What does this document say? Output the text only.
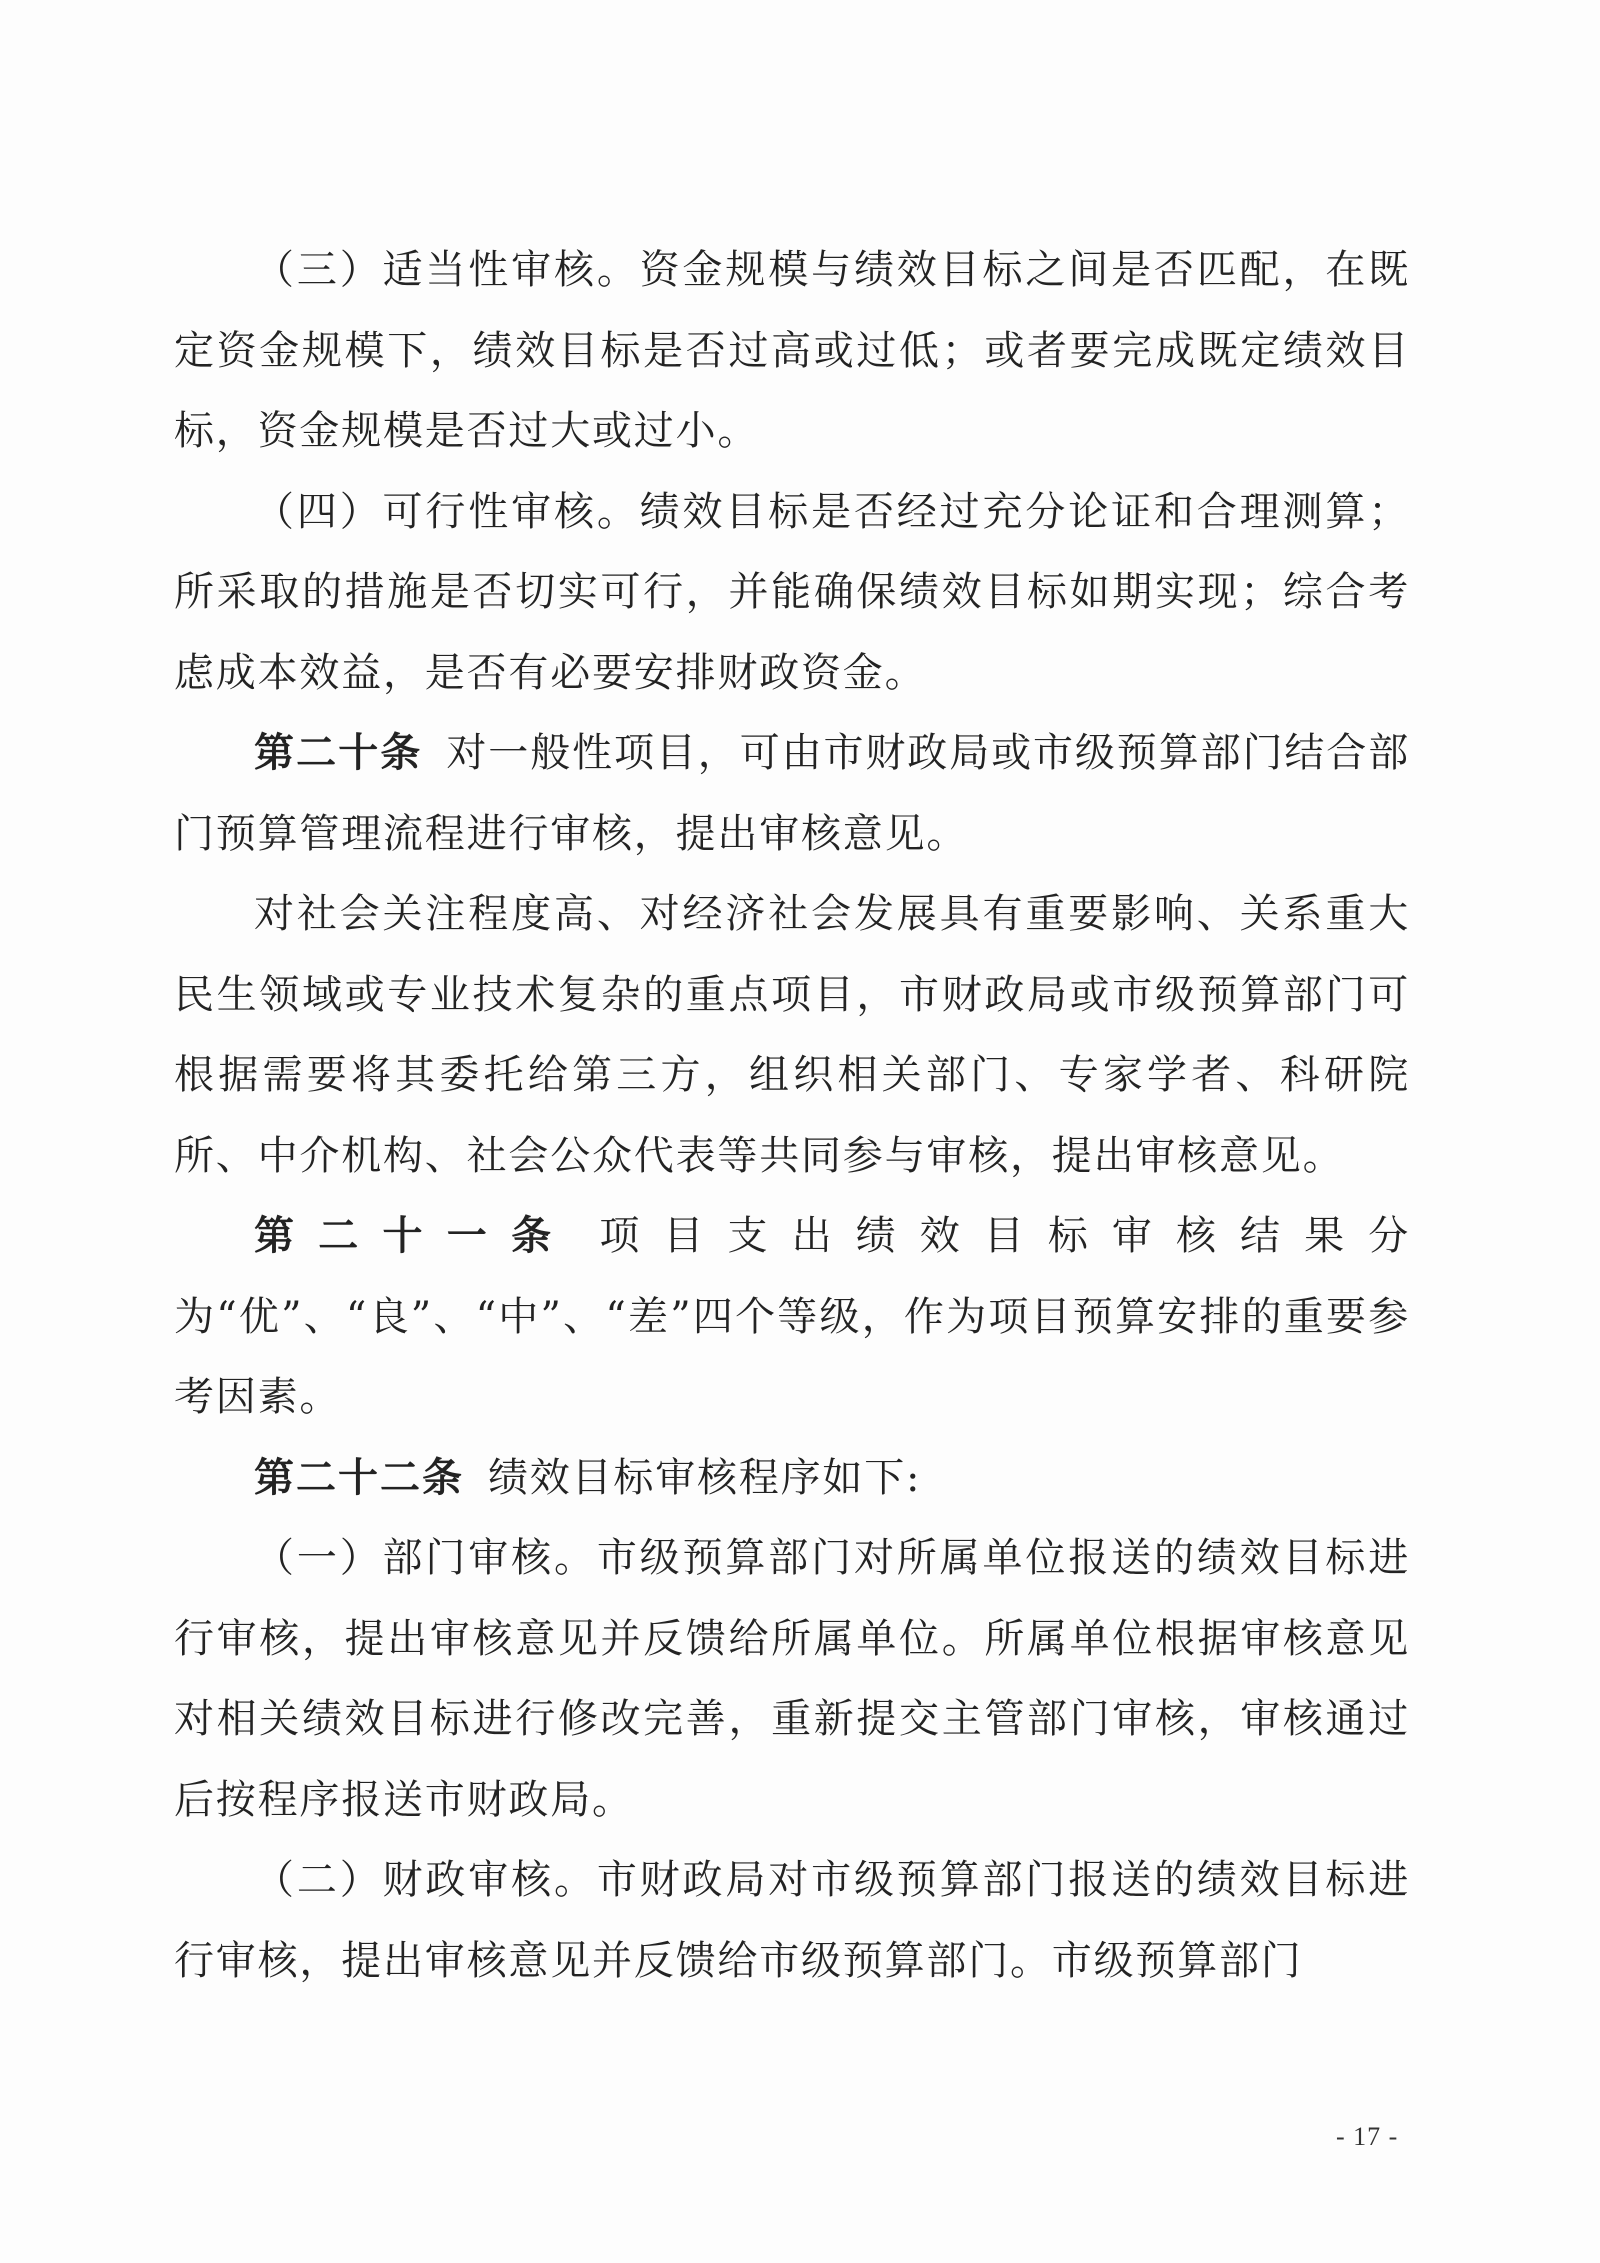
（三）适当性审核。资金规模与绩效目标之间是否匹配，在既定资金规模下，绩效目标是否过高或过低；或者要完成既定绩效目标，资金规模是否过大或过小。

（四）可行性审核。绩效目标是否经过充分论证和合理测算；所采取的措施是否切实可行，并能确保绩效目标如期实现；综合考虑成本效益，是否有必要安排财政资金。

第二十条 对一般性项目，可由市财政局或市级预算部门结合部门预算管理流程进行审核，提出审核意见。

对社会关注程度高、对经济社会发展具有重要影响、关系重大民生领域或专业技术复杂的重点项目，市财政局或市级预算部门可根据需要将其委托给第三方，组织相关部门、专家学者、科研院所、中介机构、社会公众代表等共同参与审核，提出审核意见。

第二十一条 项目支出绩效目标审核结果分为“优”、“良”、“中”、“差”四个等级，作为项目预算安排的重要参考因素。

第二十二条 绩效目标审核程序如下:

（一）部门审核。市级预算部门对所属单位报送的绩效目标进行审核，提出审核意见并反馈给所属单位。所属单位根据审核意见对相关绩效目标进行修改完善，重新提交主管部门审核，审核通过后按程序报送市财政局。

（二）财政审核。市财政局对市级预算部门报送的绩效目标进行审核，提出审核意见并反馈给市级预算部门。市级预算部门

- 17 -
